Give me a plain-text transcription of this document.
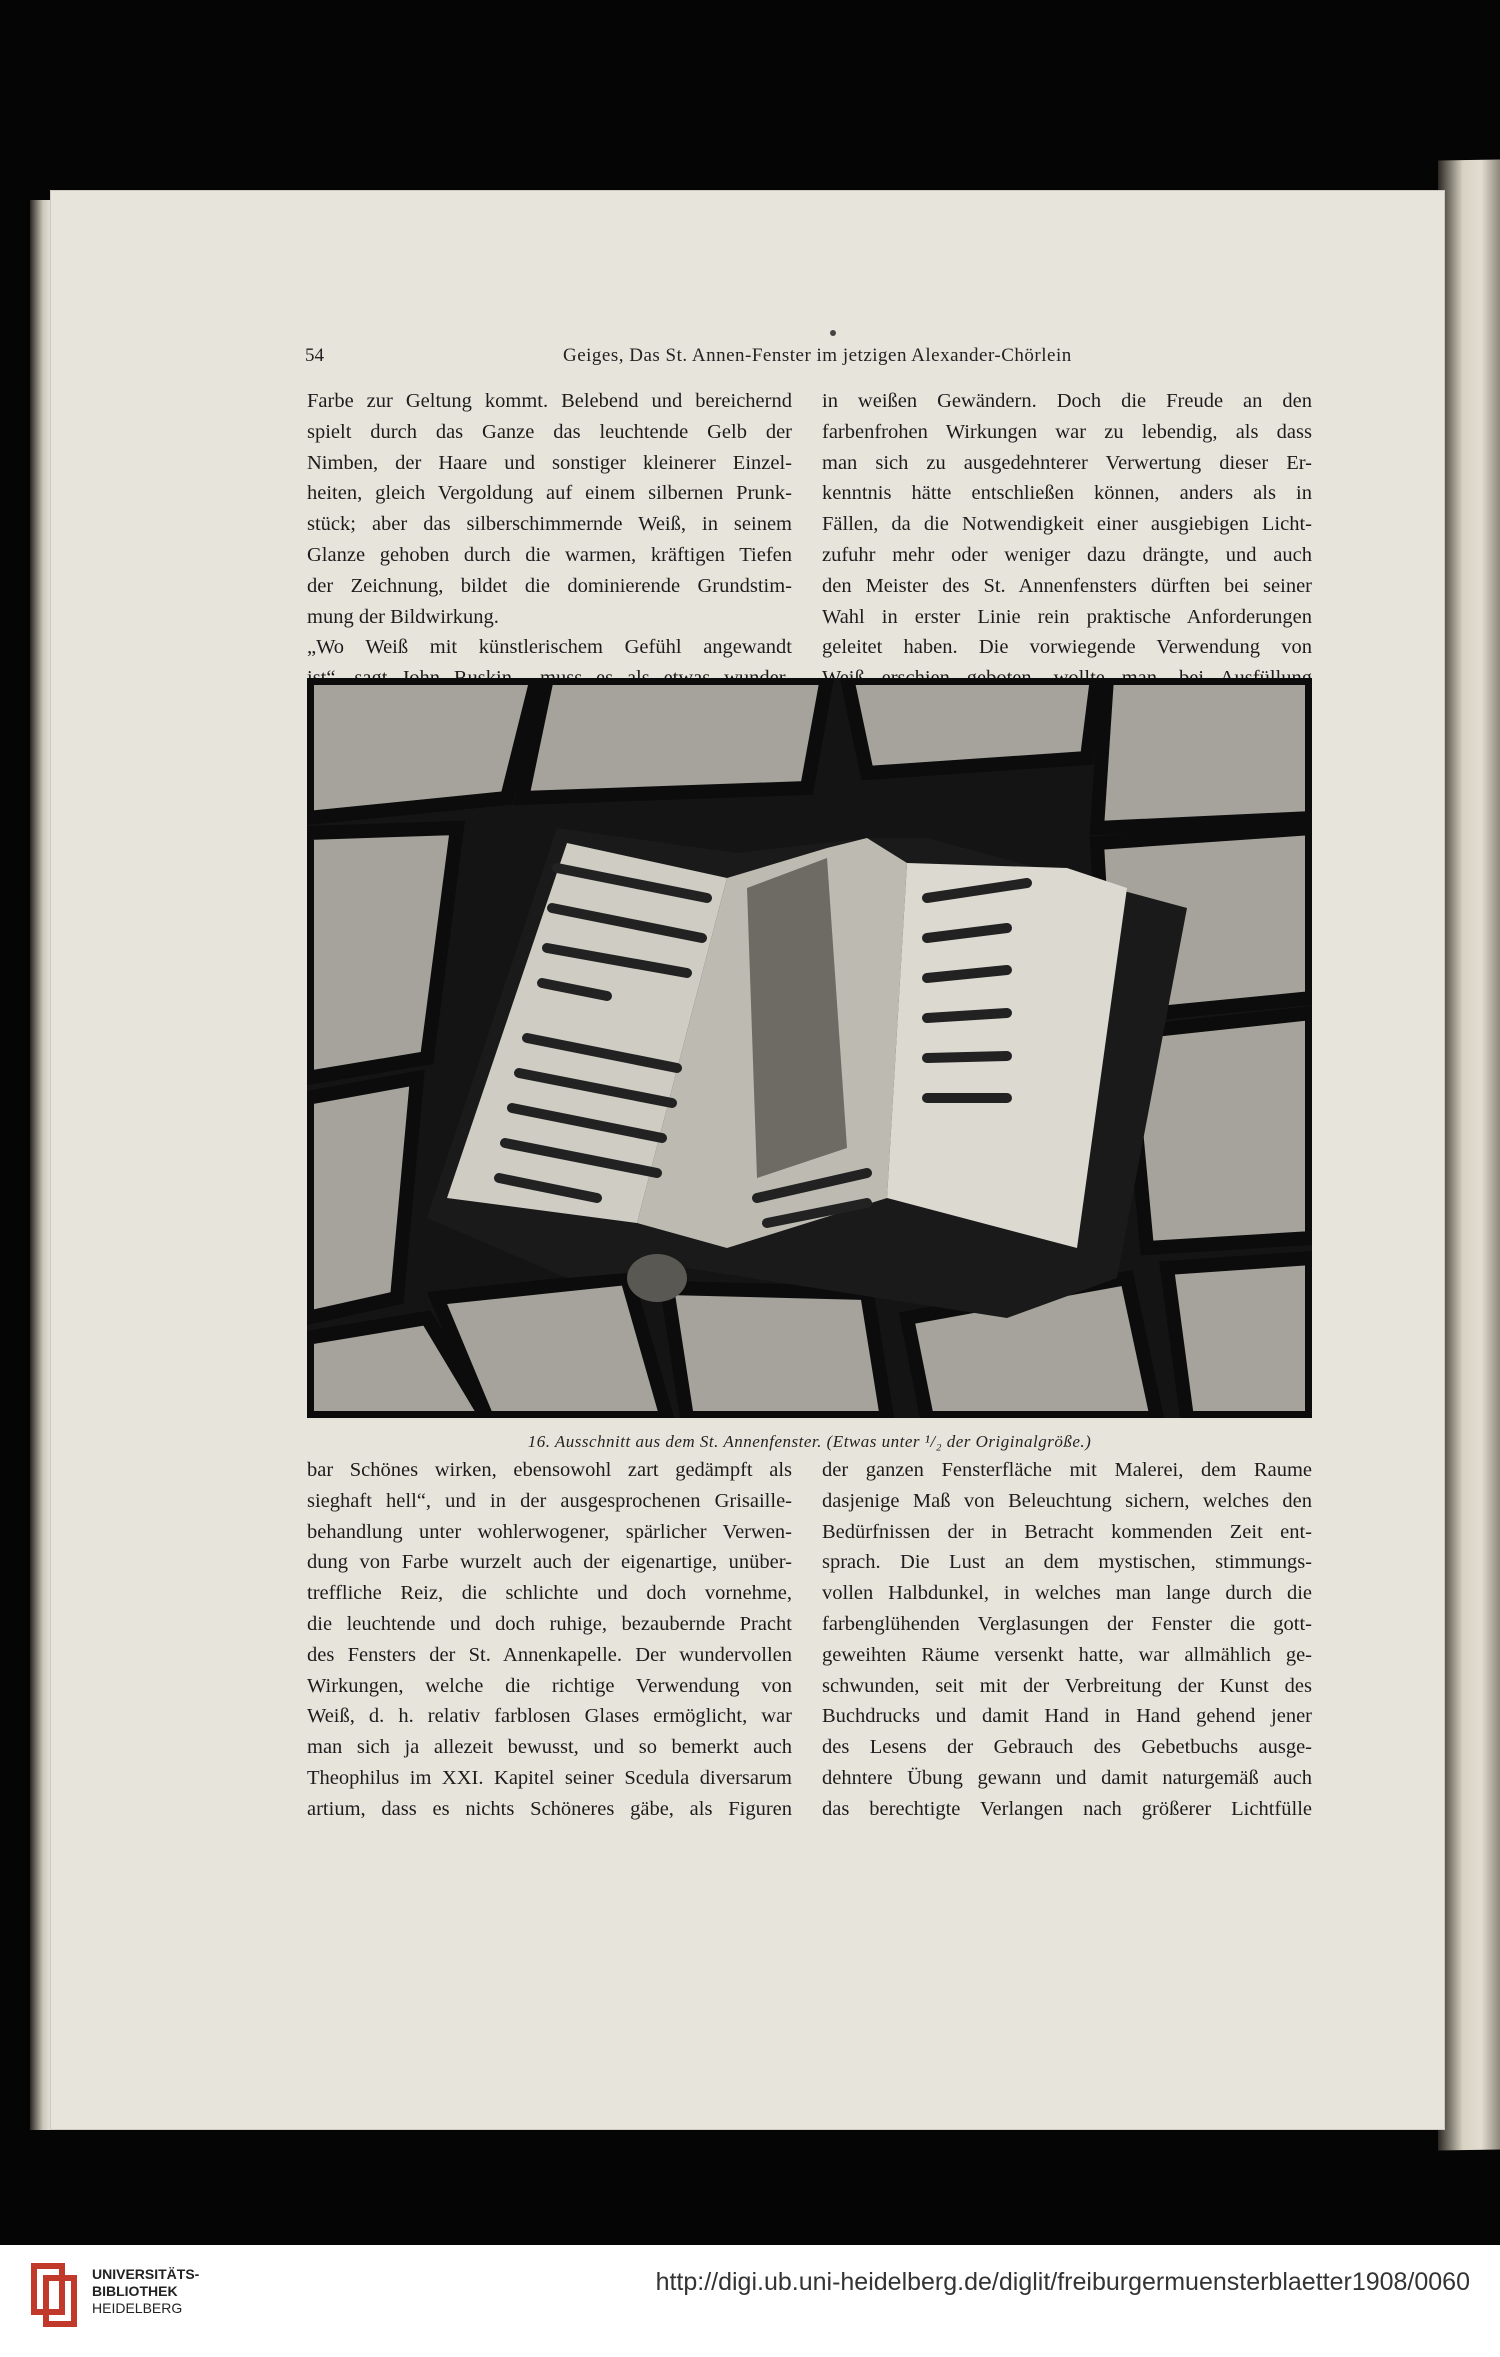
54	Geiges, Das St. Annen-Fenster im jetzigen Alexander-Chörlein
Farbe zur Geltung kommt. Belebend und bereichernd
spielt durch das Ganze das leuchtende Gelb der
Nimben, der Haare und sonstiger kleinerer Einzel-
heiten, gleich Vergoldung auf einem silbernen Prunk-
stück; aber das silberschimmernde Weiß, in seinem
Glanze gehoben durch die warmen, kräftigen Tiefen
der Zeichnung, bildet die dominierende Grundstim-
mung der Bildwirkung.
„Wo Weiß mit künstlerischem Gefühl angewandt
in weißen Gewändern. Doch die Freude an den
farbenfrohen Wirkungen war zu lebendig, als dass
man sich zu ausgedehnterer Verwertung dieser Er-
kenntnis hätte entschließen können, anders als in
Fällen, da die Notwendigkeit einer ausgiebigen Licht-
zufuhr mehr oder weniger dazu drängte, und auch
den Meister des St. Annenfensters dürften bei seiner
Wahl in erster Linie rein praktische Anforderungen
geleitet haben. Die vorwiegende Verwendung von
16. Ausschnitt aus dem St. Annenfenster. (Etwas unter ¹/₂ der Originalgröße.)
bar Schönes wirken, ebensowohl zart gedämpft als
sieghaft hell“, und in der ausgesprochenen Grisaille-
behandlung unter wohlerwogener, spärlicher Verwen-
dung von Farbe wurzelt auch der eigenartige, unüber-
treffliche Reiz, die schlichte und doch vornehme,
die leuchtende und doch ruhige, bezaubernde Pracht
des Fensters der St. Annenkapelle. Der wundervollen
Wirkungen, welche die richtige Verwendung von
Weiß, d. h. relativ farblosen Glases ermöglicht, war
man sich ja allezeit bewusst, und so bemerkt auch
Theophilus im XXI. Kapitel seiner Scedula diversarum
artium, dass es nichts Schöneres gäbe, als Figuren
der ganzen Fensterfläche mit Malerei, dem Raume
dasjenige Maß von Beleuchtung sichern, welches den
Bedürfnissen der in Betracht kommenden Zeit ent-
sprach. Die Lust an dem mystischen, stimmungs-
vollen Halbdunkel, in welches man lange durch die
farbenglühenden Verglasungen der Fenster die gott-
geweihten Räume versenkt hatte, war allmählich ge-
schwunden, seit mit der Verbreitung der Kunst des
Buchdrucks und damit Hand in Hand gehend jener
des Lesens der Gebrauch des Gebetbuchs ausge-
dehntere Übung gewann und damit naturgemäß auch
das berechtigte Verlangen nach größerer Lichtfülle
UNIVERSITÄTS-
BIBLIOTHEK
HEIDELBERG
http://digi.ub.uni-heidelberg.de/diglit/freiburgermuensterblaetter1908/0060
